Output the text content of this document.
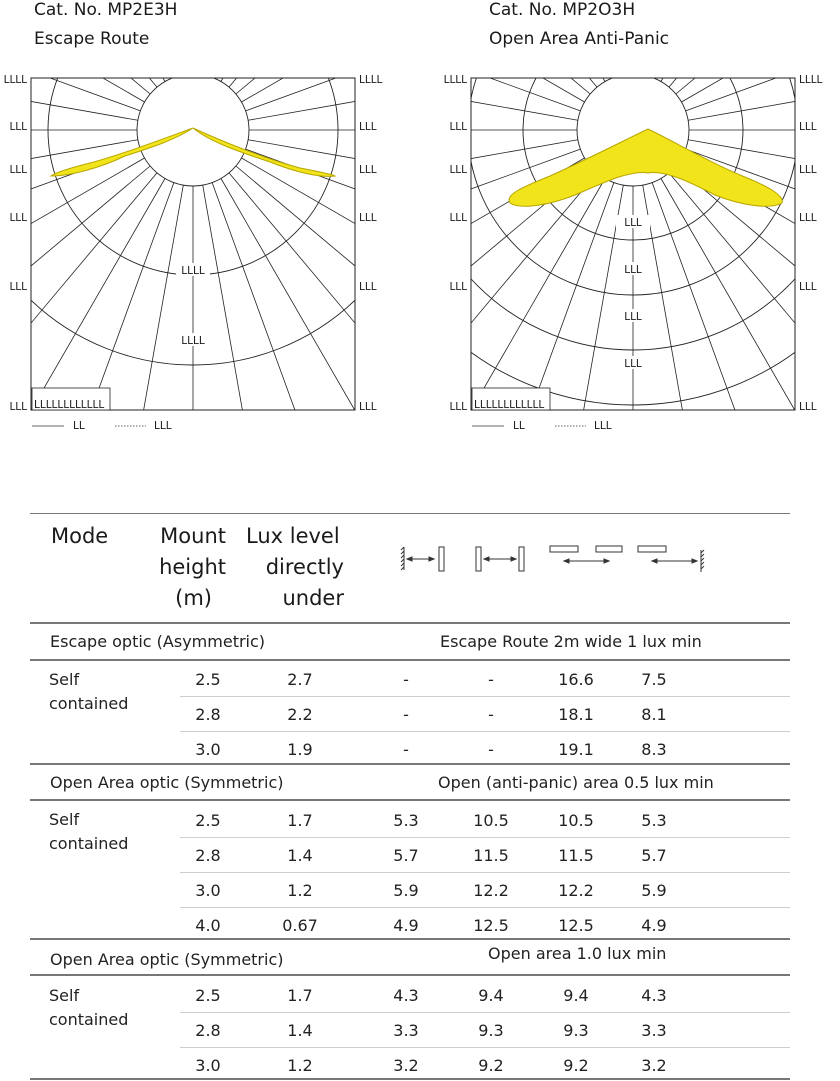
Cat. No. MP2E3H
Escape Route
Cat. No. MP2O3H
Open Area Anti-Panic
LLLL
LLL
LLL
LLL
LLL
LLL
LLLL
LLL
LLL
LLL
LLL
LLL
LLLL
LLLL
LLLLLLLLLLLL
LL	LLL
LLLL
LLL
LLL
LLL
LLL
LLL
LLLL
LLL
LLL
LLL
LLL
LLL
LLL
LLL
LLL
LLL
LLLLLLLLLLLL
LL	LLL
Mode	Mount
height
(m)
Lux level
directly
under
Escape optic (Asymmetric)	Escape Route 2m wide 1 lux min
Self
contained
2.5	2.7	-	-	16.6	7.5
2.8	2.2	-	-	18.1	8.1
3.0	1.9	-	-	19.1	8.3
Open Area optic (Symmetric)	Open (anti-panic) area 0.5 lux min
Self
contained
2.5	1.7	5.3	10.5	10.5	5.3
2.8	1.4	5.7	11.5	11.5	5.7
3.0	1.2	5.9	12.2	12.2	5.9
4.0	0.67	4.9	12.5	12.5	4.9
Open Area optic (Symmetric)	Open area 1.0 lux min
Self
contained
2.5	1.7	4.3	9.4	9.4	4.3
2.8	1.4	3.3	9.3	9.3	3.3
3.0	1.2	3.2	9.2	9.2	3.2
